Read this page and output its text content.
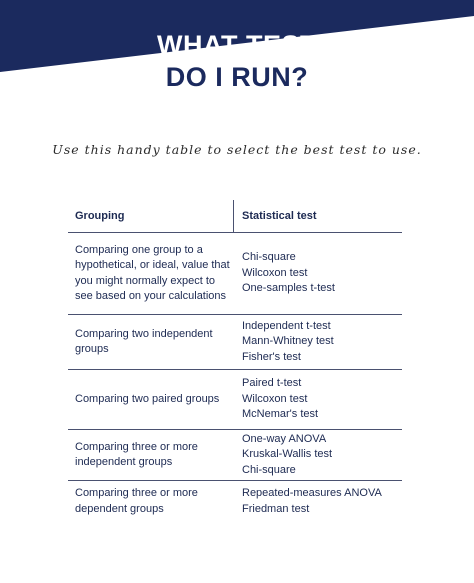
WHAT TEST
DO I RUN?
Use this handy table to select the best test to use.
Grouping	Statistical test
Comparing one group to a hypothetical, or ideal, value that you might normally expect to see based on your calculations
Chi-square
Wilcoxon test
One-samples t-test
Comparing two independent groups
Independent t-test
Mann-Whitney test
Fisher's test
Comparing two paired groups
Paired t-test
Wilcoxon test
McNemar's test
Comparing three or more independent groups
One-way ANOVA
Kruskal-Wallis test
Chi-square
Comparing three or more dependent groups
Repeated-measures ANOVA
Friedman test
